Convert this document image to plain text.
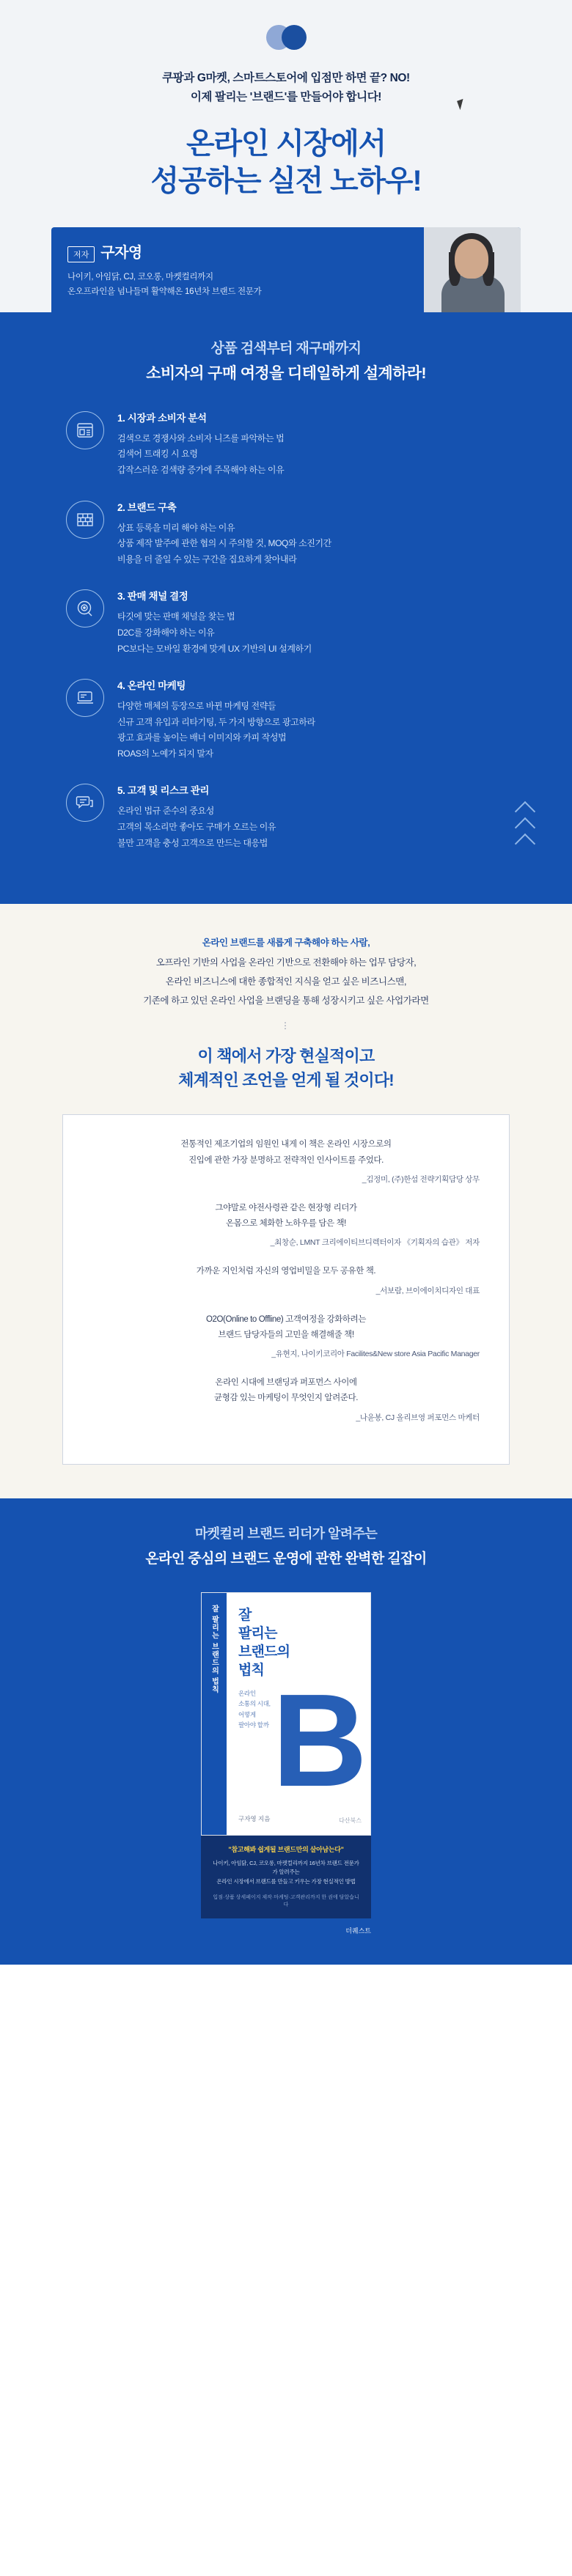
쿠팡과 G마켓, 스마트스토어에 입점만 하면 끝? NO!
이제 팔리는 '브랜드'를 만들어야 합니다!
온라인 시장에서
성공하는 실전 노하우!
저자 구자영
나이키, 아임닭, CJ, 코오롱, 마켓컬리까지
온오프라인을 넘나들며 활약해온 16년차 브랜드 전문가
상품 검색부터 재구매까지
소비자의 구매 여정을 디테일하게 설계하라!
1. 시장과 소비자 분석
검색으로 경쟁사와 소비자 니즈를 파악하는 법
검색어 트래킹 시 요령
갑작스러운 검색량 증가에 주목해야 하는 이유
2. 브랜드 구축
상표 등록을 미리 해야 하는 이유
상품 제작 발주에 관한 협의 시 주의할 것, MOQ와 소진기간
비용을 더 줄일 수 있는 구간을 집요하게 찾아내라
3. 판매 채널 결정
타깃에 맞는 판매 채널을 찾는 법
D2C를 강화해야 하는 이유
PC보다는 모바일 환경에 맞게 UX 기반의 UI 설계하기
4. 온라인 마케팅
다양한 매체의 등장으로 바뀐 마케팅 전략들
신규 고객 유입과 리타기팅, 두 가지 방향으로 광고하라
광고 효과를 높이는 배너 이미지와 카피 작성법
ROAS의 노예가 되지 말자
5. 고객 및 리스크 관리
온라인 법규 준수의 중요성
고객의 목소리만 좋아도 구매가 오르는 이유
불만 고객을 충성 고객으로 만드는 대응법
온라인 브랜드를 새롭게 구축해야 하는 사람,
오프라인 기반의 사업을 온라인 기반으로 전환해야 하는 업무 담당자,
온라인 비즈니스에 대한 종합적인 지식을 얻고 싶은 비즈니스맨,
기존에 하고 있던 온라인 사업을 브랜딩을 통해 성장시키고 싶은 사업가라면
⋮
이 책에서 가장 현실적이고
체계적인 조언을 얻게 될 것이다!

전통적인 제조기업의 임원인 내게 이 책은 온라인 시장으로의

진입에 관한 가장 분명하고 전략적인 인사이트를 주었다.

_김정미, (주)한섬 전략기획담당 상무

그야말로 야전사령관 같은 현장형 리더가

온몸으로 체화한 노하우를 담은 책!

_최창순, LMNT 크리에이티브디렉터이자 《기획자의 습관》 저자

가까운 지인처럼 자신의 영업비밀을 모두 공유한 책.

_서보람, 브이에이치디자인 대표

O2O(Online to Offline) 고객여정을 강화하려는

브랜드 담당자들의 고민을 해결해줄 책!

_유현지, 나이키코리아 Facilites&New store Asia Pacific Manager

온라인 시대에 브랜딩과 퍼포먼스 사이에

균형감 있는 마케팅이 무엇인지 알려준다.

_나윤봉, CJ 올리브영 퍼포먼스 마케터
마켓컬리 브랜드 리더가 알려주는
온라인 중심의 브랜드 운영에 관한 완벽한 길잡이
잘 팔리는 브랜드의 법칙 잘
팔리는
브랜드의
법칙
온라인
소통의 시대,
어떻게
팔아야 할까 B
구자영 지음	다산북스
"참고해봐 쉽게될 브랜드만의 살아남는다"
나이키, 아임닭, CJ, 코오롱, 마켓컬리까지 16년차 브랜드 전문가가 알려주는
온라인 시장에서 브랜드를 만들고 키우는 가장 현실적인 방법
입점·상품 상세페이지 제작·마케팅·고객관리까지 한 권에 담았습니다
더퀘스트
